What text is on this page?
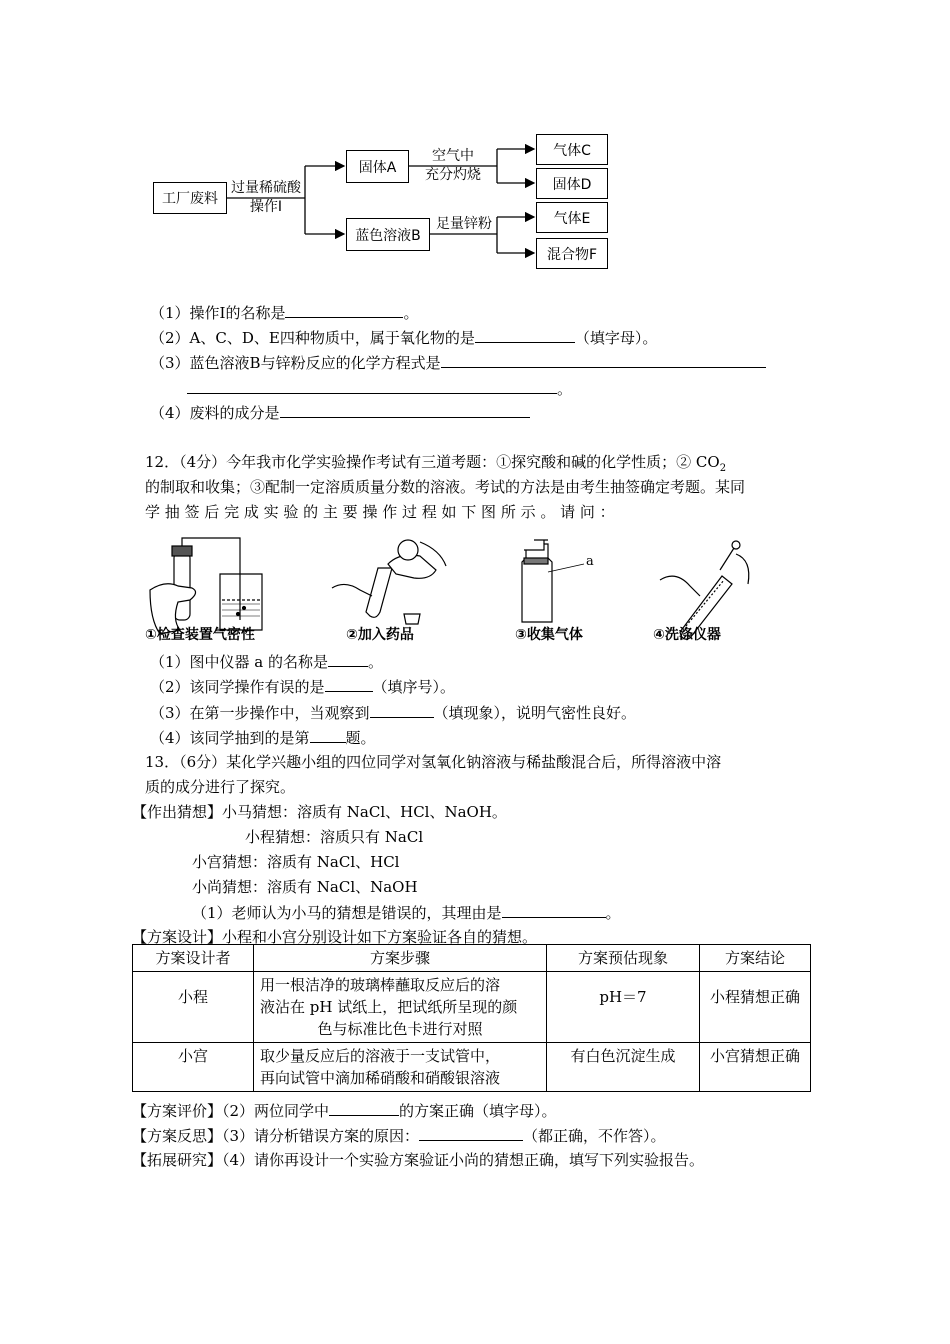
工厂废料
过量稀硫酸
操作I
固体A
蓝色溶液B
空气中
充分灼烧
足量锌粉
气体C
固体D
气体E
混合物F
（1）操作Ⅰ的名称是	。
（2）A、C、D、E四种物质中，属于氧化物的是	（填字母）。
（3）蓝色溶液B与锌粉反应的化学方程式是
。
（4）废料的成分是
12．（4分）今年我市化学实验操作考试有三道考题：①探究酸和碱的化学性质；② $CO_2$
的制取和收集；③配制一定溶质质量分数的溶液。考试的方法是由考生抽签确定考题。某同
学 抽 签 后 完 成 实 验 的 主 要 操 作 过 程 如 下 图 所 示 。 请 问 ：
a
①检查装置气密性	②加入药品	③收集气体	④洗涤仪器
（1）图中仪器 a 的名称是	。
（2）该同学操作有误的是	（填序号）。
（3）在第一步操作中，当观察到	（填现象），说明气密性良好。
（4）该同学抽到的是第 题。
13．（6分）某化学兴趣小组的四位同学对氢氧化钠溶液与稀盐酸混合后，所得溶液中溶
质的成分进行了探究。
【作出猜想】小马猜想：溶质有 NaCl、HCl、NaOH。
小程猜想：溶质只有 NaCl
小宫猜想：溶质有 NaCl、HCl
小尚猜想：溶质有 NaCl、NaOH
（1）老师认为小马的猜想是错误的，其理由是	。
【方案设计】小程和小宫分别设计如下方案验证各自的猜想。
方案设计者	方案步骤	方案预估现象	方案结论
小程	用一根洁净的玻璃棒蘸取反应后的溶
液沾在 pH 试纸上，把试纸所呈现的颜
色与标准比色卡进行对照	pH＝7	小程猜想正确
小宫	取少量反应后的溶液于一支试管中，
再向试管中滴加稀硝酸和硝酸银溶液	有白色沉淀生成	小宫猜想正确
【方案评价】（2）两位同学中	的方案正确（填字母）。
【方案反思】（3）请分析错误方案的原因：	（都正确，不作答）。
【拓展研究】（4）请你再设计一个实验方案验证小尚的猜想正确，填写下列实验报告。
